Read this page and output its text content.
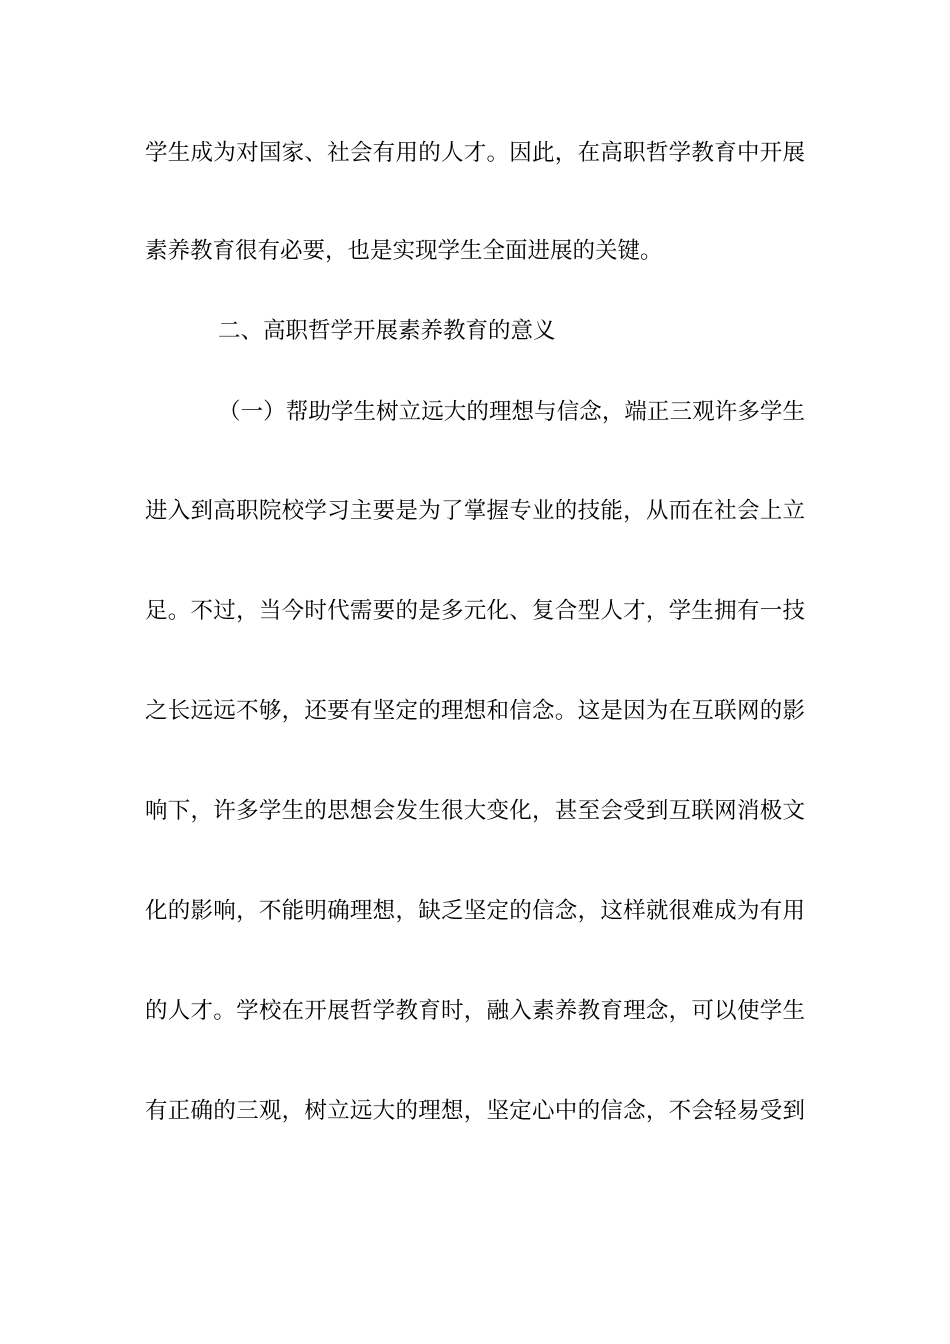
学生成为对国家、社会有用的人才。因此，在高职哲学教育中开展
素养教育很有必要，也是实现学生全面进展的关键。
二、高职哲学开展素养教育的意义
（一）帮助学生树立远大的理想与信念，端正三观许多学生
进入到高职院校学习主要是为了掌握专业的技能，从而在社会上立
足。不过，当今时代需要的是多元化、复合型人才，学生拥有一技
之长远远不够，还要有坚定的理想和信念。这是因为在互联网的影
响下，许多学生的思想会发生很大变化，甚至会受到互联网消极文
化的影响，不能明确理想，缺乏坚定的信念，这样就很难成为有用
的人才。学校在开展哲学教育时，融入素养教育理念，可以使学生
有正确的三观，树立远大的理想，坚定心中的信念，不会轻易受到
